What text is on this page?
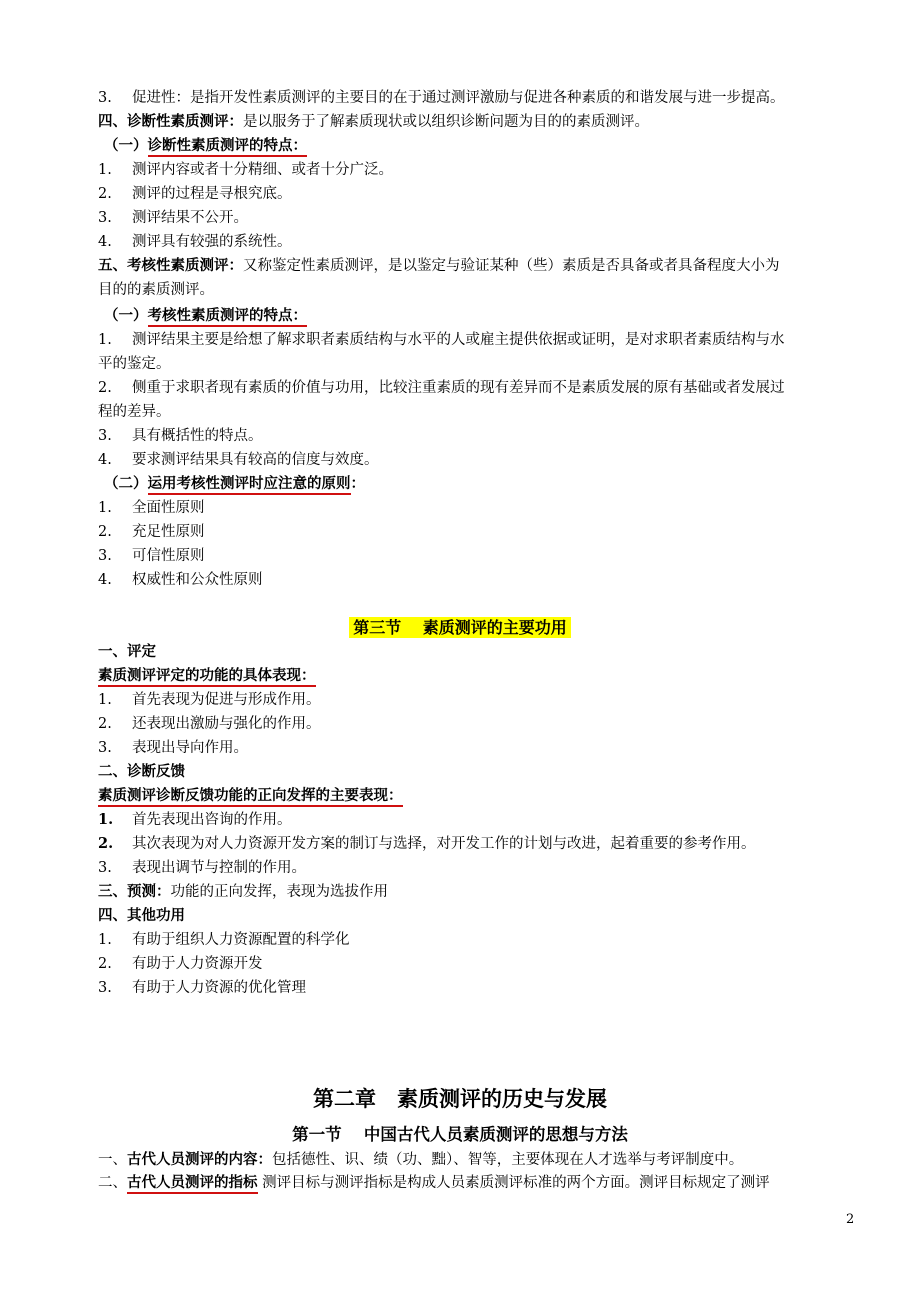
3. 促进性：是指开发性素质测评的主要目的在于通过测评激励与促进各种素质的和谐发展与进一步提高。
四、诊断性素质测评：是以服务于了解素质现状或以组织诊断问题为目的的素质测评。
（一）诊断性素质测评的特点：
1. 测评内容或者十分精细、或者十分广泛。
2. 测评的过程是寻根究底。
3. 测评结果不公开。
4. 测评具有较强的系统性。
五、考核性素质测评：又称鉴定性素质测评，是以鉴定与验证某种（些）素质是否具备或者具备程度大小为
目的的素质测评。
（一）考核性素质测评的特点：
1. 测评结果主要是给想了解求职者素质结构与水平的人或雇主提供依据或证明，是对求职者素质结构与水
平的鉴定。
2. 侧重于求职者现有素质的价值与功用，比较注重素质的现有差异而不是素质发展的原有基础或者发展过
程的差异。
3. 具有概括性的特点。
4. 要求测评结果具有较高的信度与效度。
（二）运用考核性测评时应注意的原则：
1. 全面性原则
2. 充足性原则
3. 可信性原则
4. 权威性和公众性原则
第三节　 素质测评的主要功用
一、评定
素质测评评定的功能的具体表现：
1. 首先表现为促进与形成作用。
2. 还表现出激励与强化的作用。
3. 表现出导向作用。
二、诊断反馈
素质测评诊断反馈功能的正向发挥的主要表现：
1. 首先表现出咨询的作用。
2. 其次表现为对人力资源开发方案的制订与选择，对开发工作的计划与改进，起着重要的参考作用。
3. 表现出调节与控制的作用。
三、预测：功能的正向发挥，表现为选拔作用
四、其他功用
1. 有助于组织人力资源配置的科学化
2. 有助于人力资源开发
3. 有助于人力资源的优化管理
第二章　素质测评的历史与发展
第一节　 中国古代人员素质测评的思想与方法
一、古代人员测评的内容：包括德性、识、绩（功、黜）、智等，主要体现在人才选举与考评制度中。
二、古代人员测评的指标 测评目标与测评指标是构成人员素质测评标准的两个方面。测评目标规定了测评
2
